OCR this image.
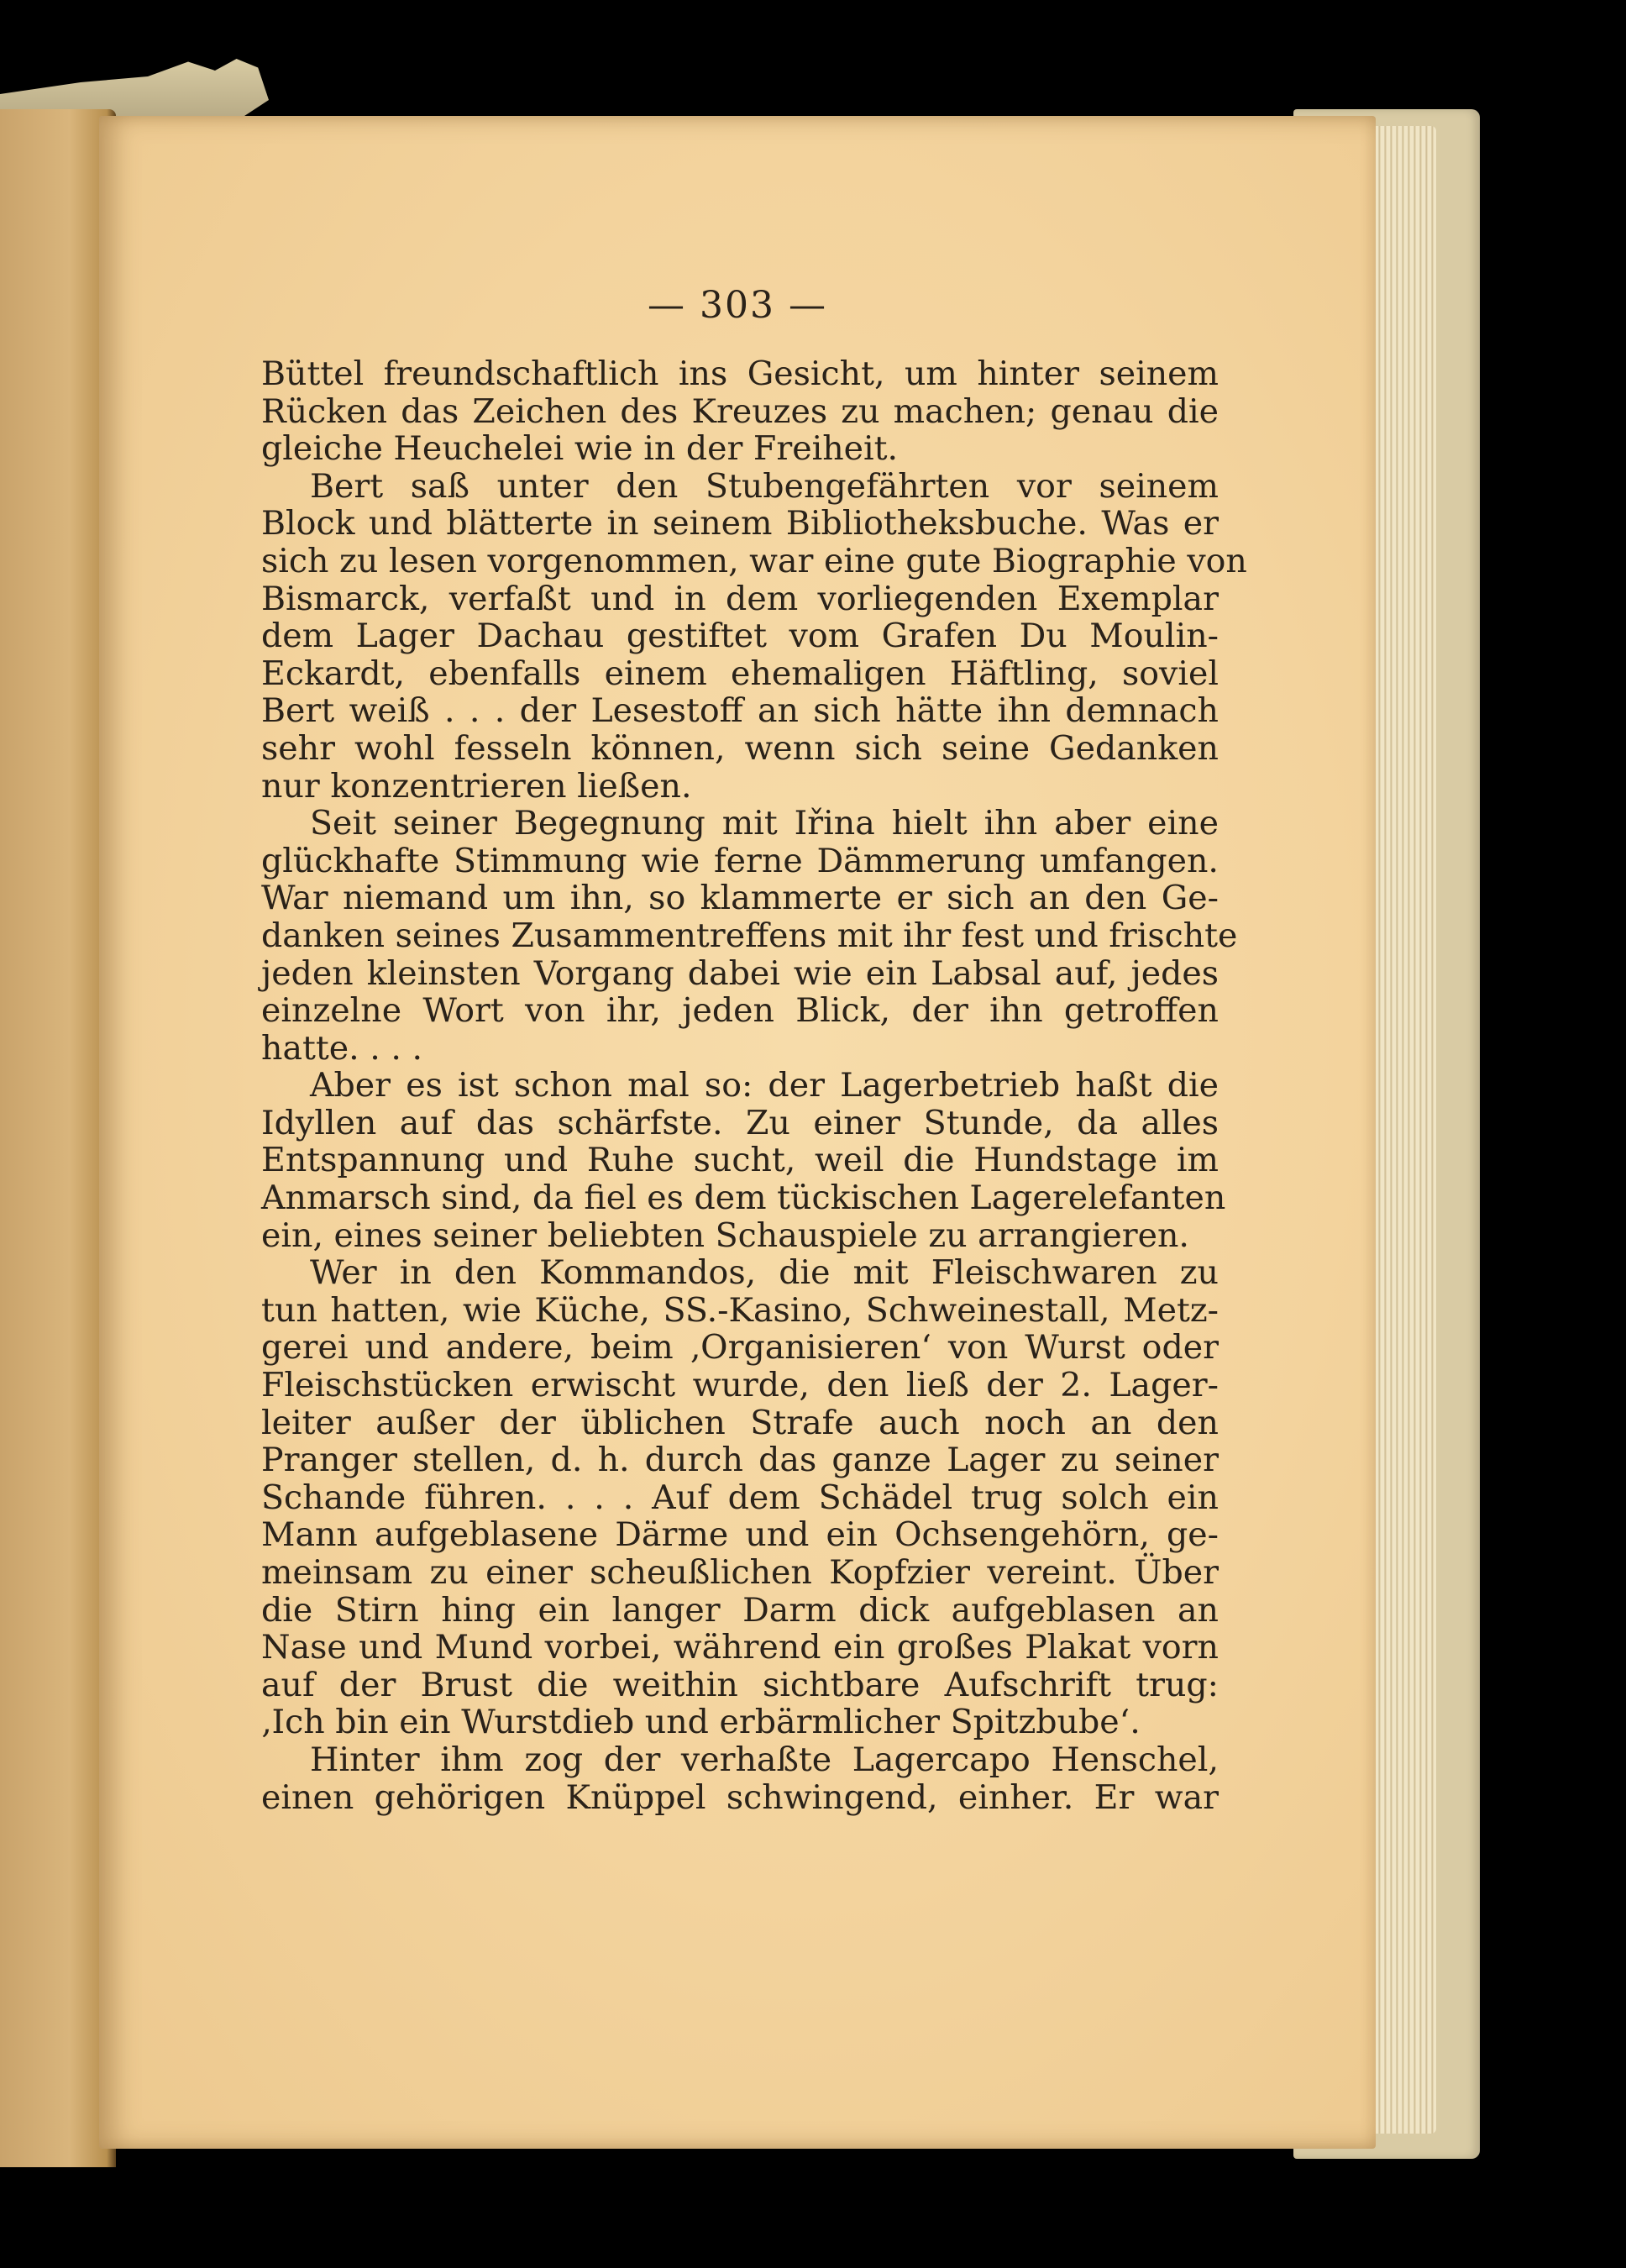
— 303 —
Büttel freundschaftlich ins Gesicht, um hinter seinem
Rücken das Zeichen des Kreuzes zu machen; genau die
gleiche Heuchelei wie in der Freiheit.
Bert saß unter den Stubengefährten vor seinem
Block und blätterte in seinem Bibliotheksbuche. Was er
sich zu lesen vorgenommen, war eine gute Biographie von
Bismarck, verfaßt und in dem vorliegenden Exemplar
dem Lager Dachau gestiftet vom Grafen Du Moulin-
Eckardt, ebenfalls einem ehemaligen Häftling, soviel
Bert weiß . . . der Lesestoff an sich hätte ihn demnach
sehr wohl fesseln können, wenn sich seine Gedanken
nur konzentrieren ließen.
Seit seiner Begegnung mit Iřina hielt ihn aber eine
glückhafte Stimmung wie ferne Dämmerung umfangen.
War niemand um ihn, so klammerte er sich an den Ge-
danken seines Zusammentreffens mit ihr fest und frischte
jeden kleinsten Vorgang dabei wie ein Labsal auf, jedes
einzelne Wort von ihr, jeden Blick, der ihn getroffen
hatte. . . .
Aber es ist schon mal so: der Lagerbetrieb haßt die
Idyllen auf das schärfste. Zu einer Stunde, da alles
Entspannung und Ruhe sucht, weil die Hundstage im
Anmarsch sind, da fiel es dem tückischen Lagerelefanten
ein, eines seiner beliebten Schauspiele zu arrangieren.
Wer in den Kommandos, die mit Fleischwaren zu
tun hatten, wie Küche, SS.-Kasino, Schweinestall, Metz-
gerei und andere, beim ‚Organisieren‘ von Wurst oder
Fleischstücken erwischt wurde, den ließ der 2. Lager-
leiter außer der üblichen Strafe auch noch an den
Pranger stellen, d. h. durch das ganze Lager zu seiner
Schande führen. . . . Auf dem Schädel trug solch ein
Mann aufgeblasene Därme und ein Ochsengehörn, ge-
meinsam zu einer scheußlichen Kopfzier vereint. Über
die Stirn hing ein langer Darm dick aufgeblasen an
Nase und Mund vorbei, während ein großes Plakat vorn
auf der Brust die weithin sichtbare Aufschrift trug:
‚Ich bin ein Wurstdieb und erbärmlicher Spitzbube‘.
Hinter ihm zog der verhaßte Lagercapo Henschel,
einen gehörigen Knüppel schwingend, einher. Er war
